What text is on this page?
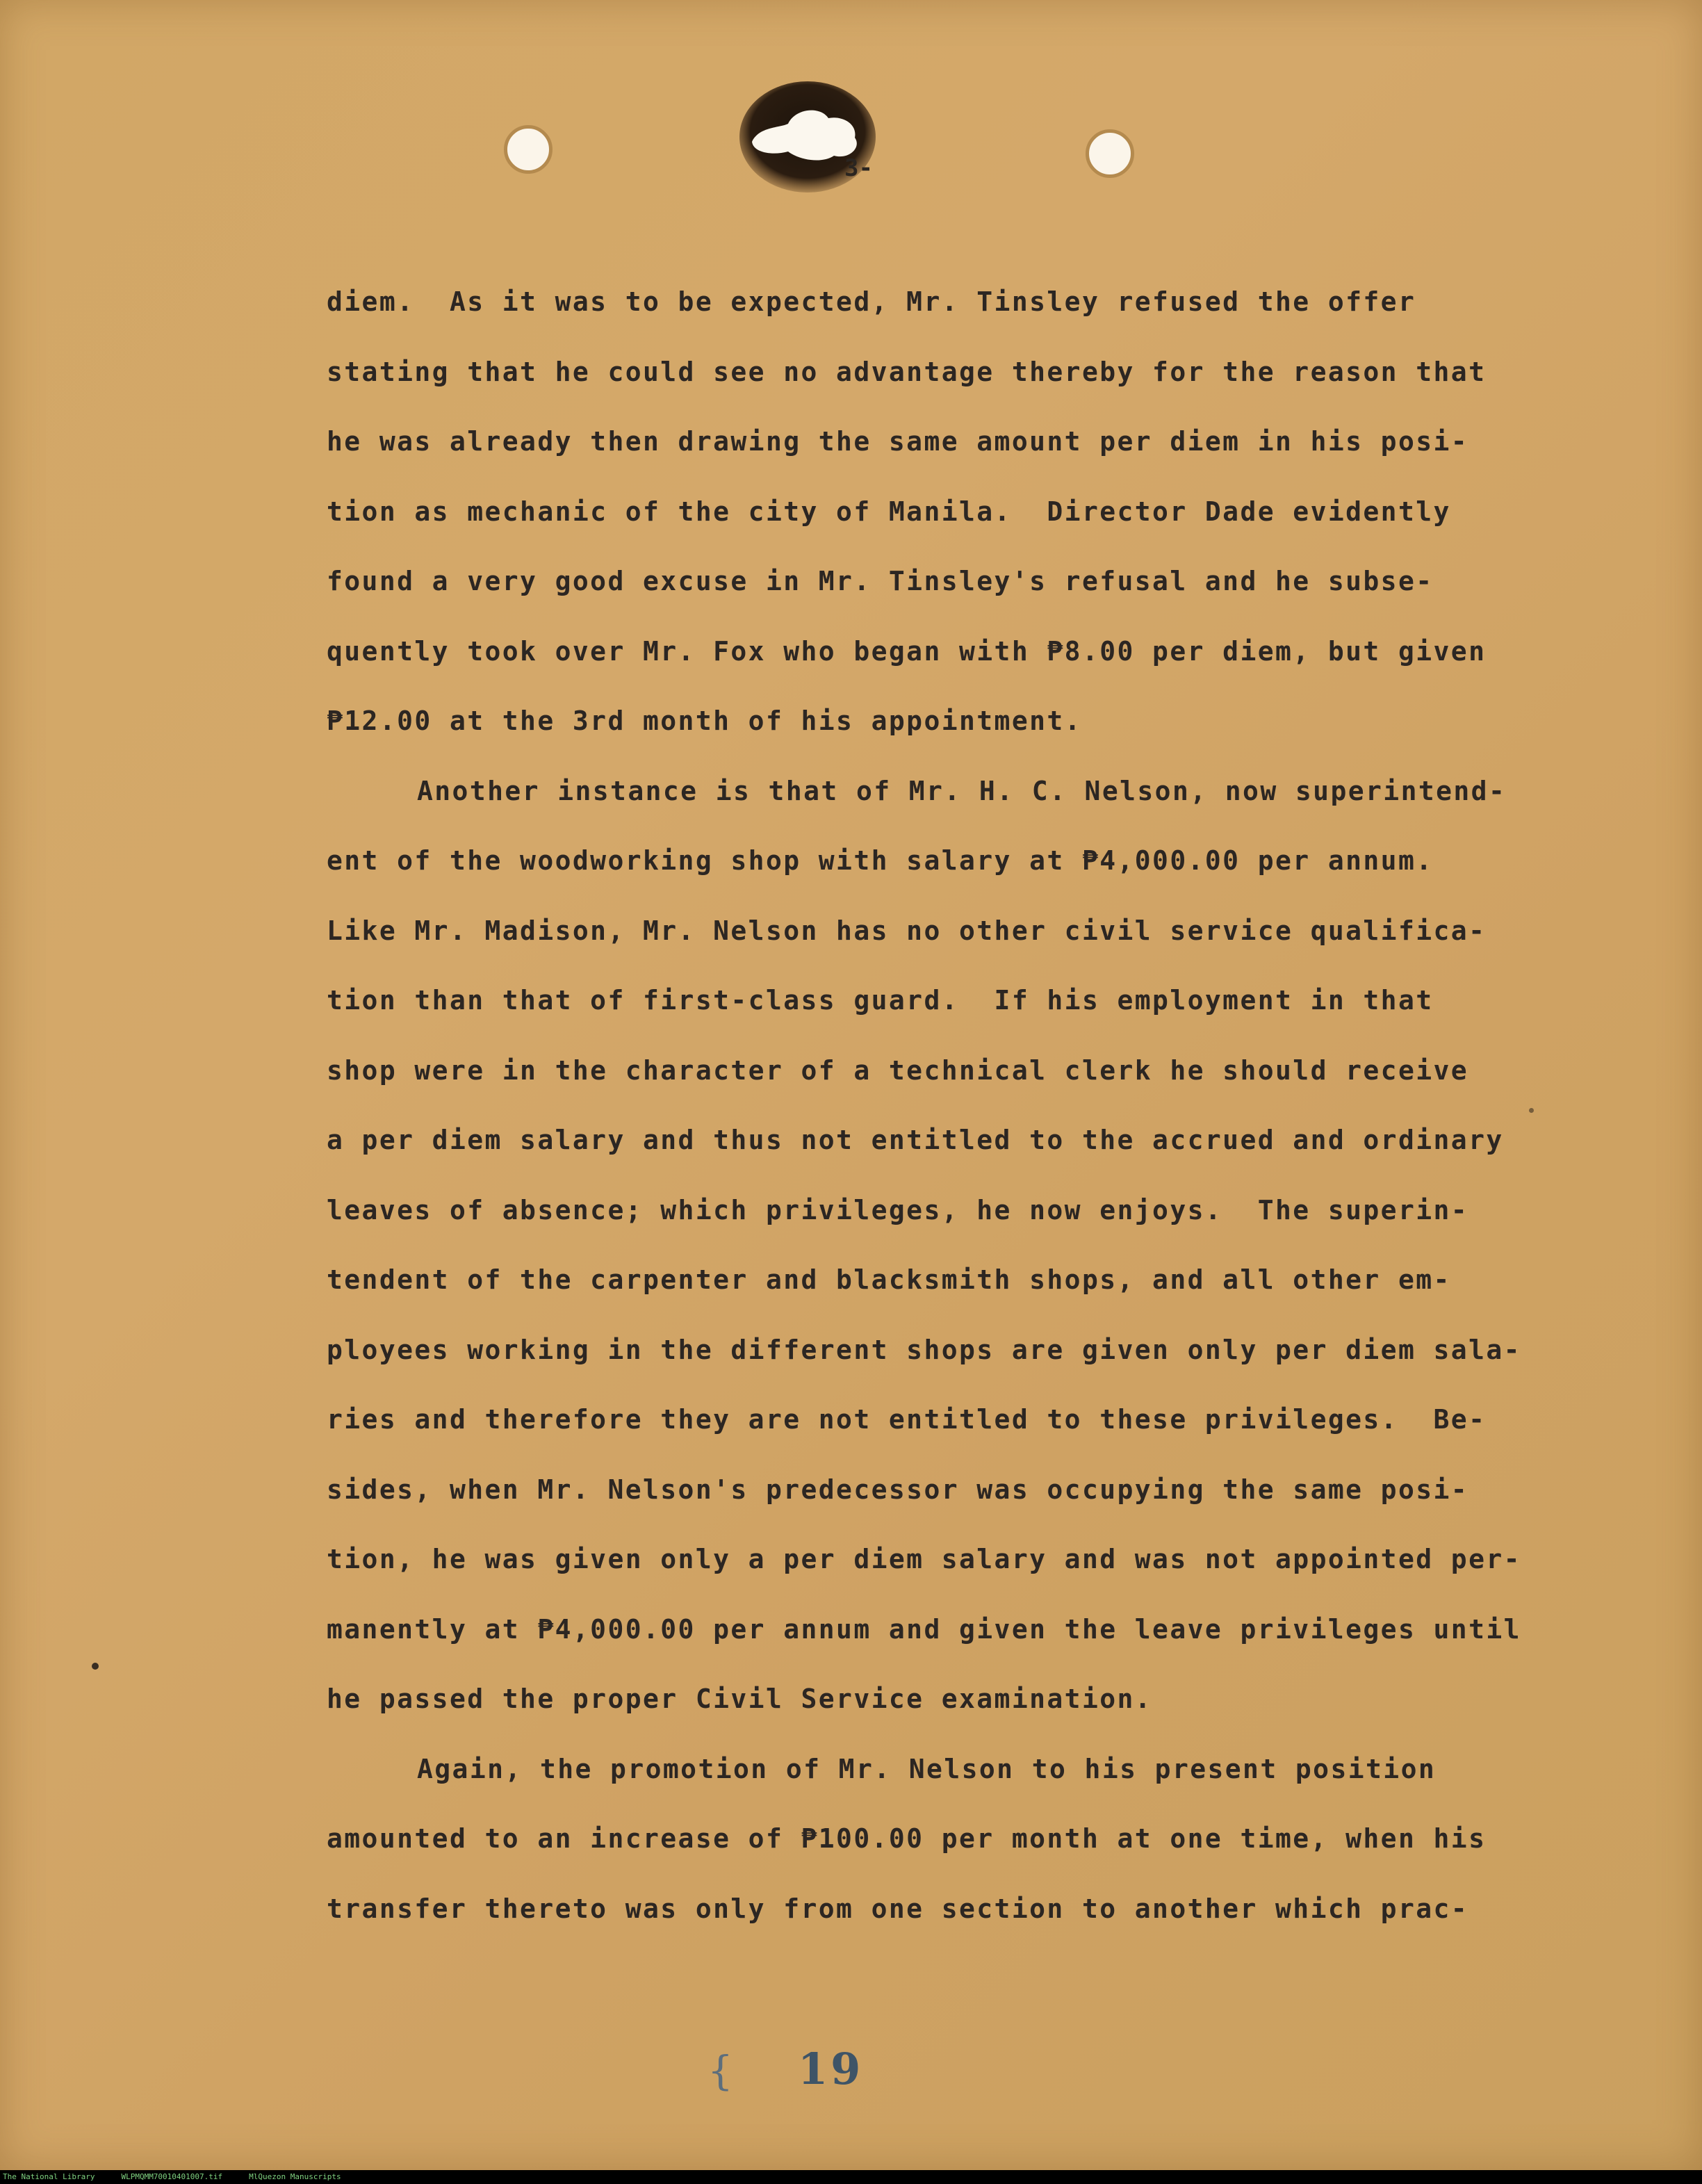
3-
diem.  As it was to be expected, Mr. Tinsley refused the offer
stating that he could see no advantage thereby for the reason that
he was already then drawing the same amount per diem in his posi-
tion as mechanic of the city of Manila.  Director Dade evidently
found a very good excuse in Mr. Tinsley's refusal and he subse-
quently took over Mr. Fox who began with ₱8.00 per diem, but given
₱12.00 at the 3rd month of his appointment.
Another instance is that of Mr. H. C. Nelson, now superintend-
ent of the woodworking shop with salary at ₱4,000.00 per annum.
Like Mr. Madison, Mr. Nelson has no other civil service qualifica-
tion than that of first-class guard.  If his employment in that
shop were in the character of a technical clerk he should receive
a per diem salary and thus not entitled to the accrued and ordinary
leaves of absence; which privileges, he now enjoys.  The superin-
tendent of the carpenter and blacksmith shops, and all other em-
ployees working in the different shops are given only per diem sala-
ries and therefore they are not entitled to these privileges.  Be-
sides, when Mr. Nelson's predecessor was occupying the same posi-
tion, he was given only a per diem salary and was not appointed per-
manently at ₱4,000.00 per annum and given the leave privileges until
he passed the proper Civil Service examination.
Again, the promotion of Mr. Nelson to his present position
amounted to an increase of ₱100.00 per month at one time, when his
transfer thereto was only from one section to another which prac-
{ 19
The National Library	WLPMQMM70010401007.tif	MlQuezon Manuscripts
